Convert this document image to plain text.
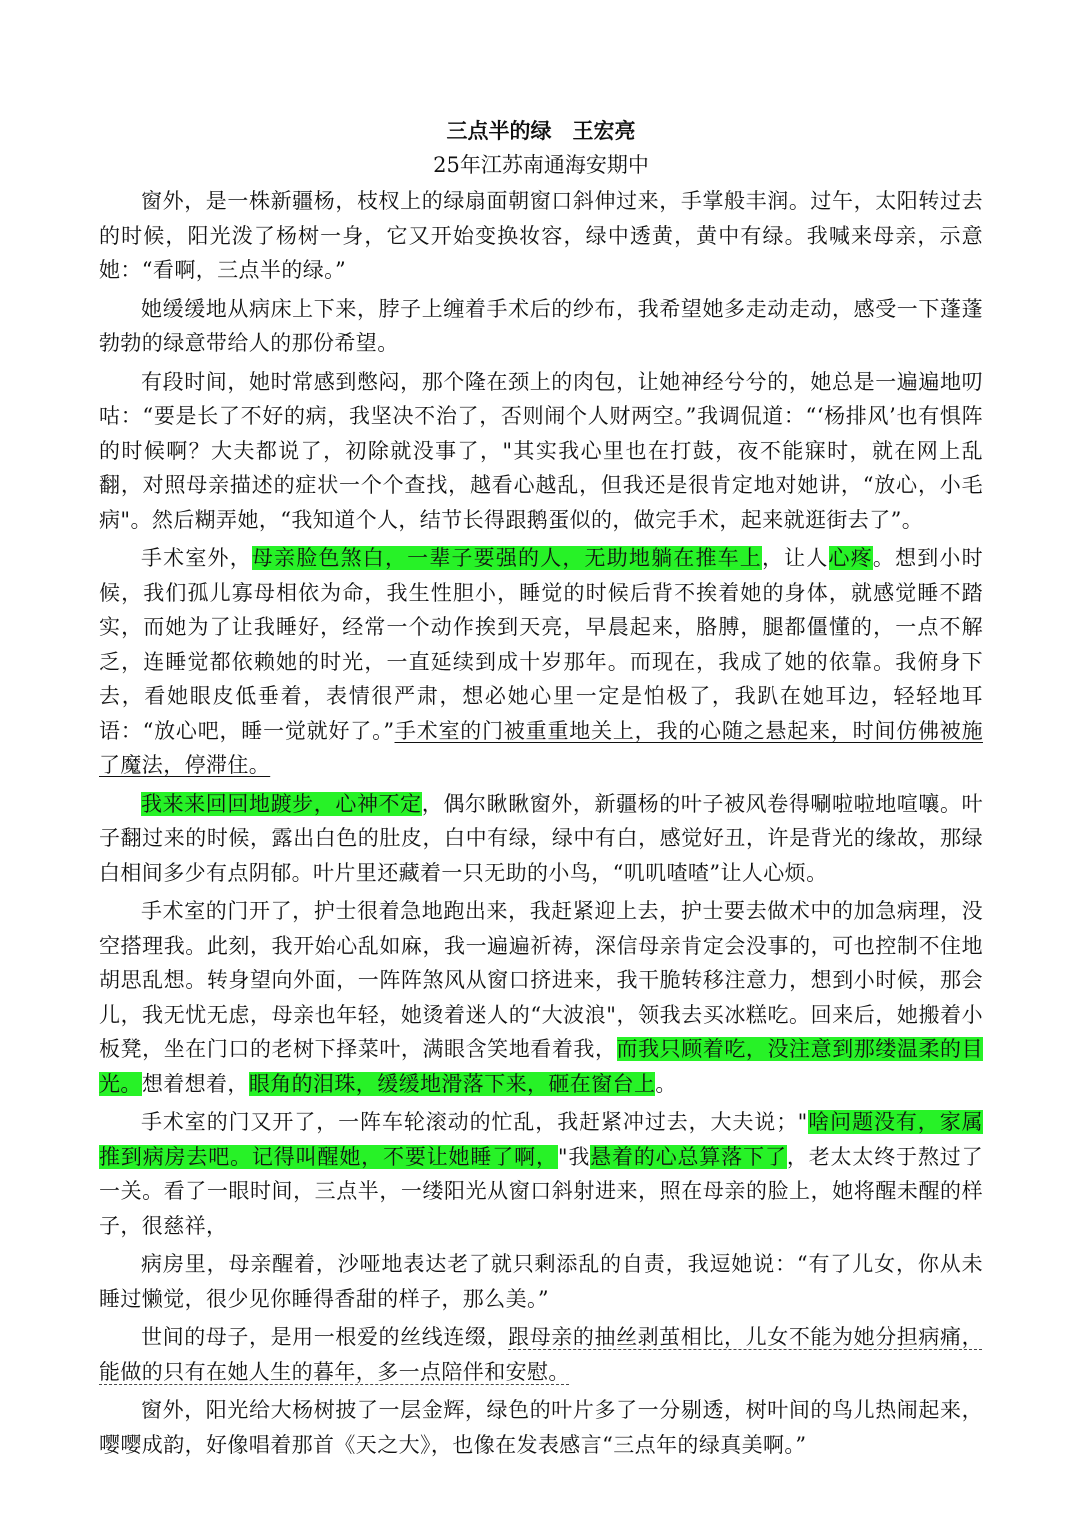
三点半的绿　王宏亮
25年江苏南通海安期中

窗外，是一株新疆杨，枝杈上的绿扇面朝窗口斜伸过来，手掌般丰润。过午，太阳转过去的时候，阳光泼了杨树一身，它又开始变换妆容，绿中透黄，黄中有绿。我喊来母亲，示意她：“看啊，三点半的绿。”

她缓缓地从病床上下来，脖子上缠着手术后的纱布，我希望她多走动走动，感受一下蓬蓬勃勃的绿意带给人的那份希望。

有段时间，她时常感到憋闷，那个隆在颈上的肉包，让她神经兮兮的，她总是一遍遍地叨咕：“要是长了不好的病，我坚决不治了，否则闹个人财两空。”我调侃道：“‘杨排风’也有惧阵的时候啊？大夫都说了，初除就没事了，"其实我心里也在打鼓，夜不能寐时，就在网上乱翻，对照母亲描述的症状一个个查找，越看心越乱，但我还是很肯定地对她讲，“放心，小毛病"。然后糊弄她，“我知道个人，结节长得跟鹅蛋似的，做完手术，起来就逛街去了”。

手术室外，母亲脸色煞白，一辈子要强的人，无助地躺在推车上，让人心疼。想到小时候，我们孤儿寡母相依为命，我生性胆小，睡觉的时候后背不挨着她的身体，就感觉睡不踏实，而她为了让我睡好，经常一个动作挨到天亮，早晨起来，胳膊，腿都僵懂的，一点不解乏，连睡觉都依赖她的时光，一直延续到成十岁那年。而现在，我成了她的依靠。我俯身下去，看她眼皮低垂着，表情很严肃，想必她心里一定是怕极了，我趴在她耳边，轻轻地耳语：“放心吧，睡一觉就好了。”手术室的门被重重地关上，我的心随之悬起来，时间仿佛被施了魔法，停滞住。

我来来回回地踱步，心神不定，偶尔瞅瞅窗外，新疆杨的叶子被风卷得唰啦啦地喧嚷。叶子翻过来的时候，露出白色的肚皮，白中有绿，绿中有白，感觉好丑，许是背光的缘故，那绿白相间多少有点阴郁。叶片里还藏着一只无助的小鸟，“叽叽喳喳”让人心烦。

手术室的门开了，护士很着急地跑出来，我赶紧迎上去，护士要去做术中的加急病理，没空搭理我。此刻，我开始心乱如麻，我一遍遍祈祷，深信母亲肯定会没事的，可也控制不住地胡思乱想。转身望向外面，一阵阵煞风从窗口挤进来，我干脆转移注意力，想到小时候，那会儿，我无忧无虑，母亲也年轻，她烫着迷人的“大波浪"，领我去买冰糕吃。回来后，她搬着小板凳，坐在门口的老树下择菜叶，满眼含笑地看着我，而我只顾着吃，没注意到那缕温柔的目光。想着想着，眼角的泪珠，缓缓地滑落下来，砸在窗台上。

手术室的门又开了，一阵车轮滚动的忙乱，我赶紧冲过去，大夫说；"啥问题没有，家属推到病房去吧。记得叫醒她，不要让她睡了啊，"我悬着的心总算落下了，老太太终于熬过了一关。看了一眼时间，三点半，一缕阳光从窗口斜射进来，照在母亲的脸上，她将醒未醒的样子，很慈祥，

病房里，母亲醒着，沙哑地表达老了就只剩添乱的自责，我逗她说：“有了儿女，你从未睡过懒觉，很少见你睡得香甜的样子，那么美。”

世间的母子，是用一根爱的丝线连缀，跟母亲的抽丝剥茧相比，儿女不能为她分担病痛，能做的只有在她人生的暮年，多一点陪伴和安慰。

窗外，阳光给大杨树披了一层金辉，绿色的叶片多了一分剔透，树叶间的鸟儿热闹起来，嘤嘤成韵，好像唱着那首《天之大》，也像在发表感言“三点年的绿真美啊。”
